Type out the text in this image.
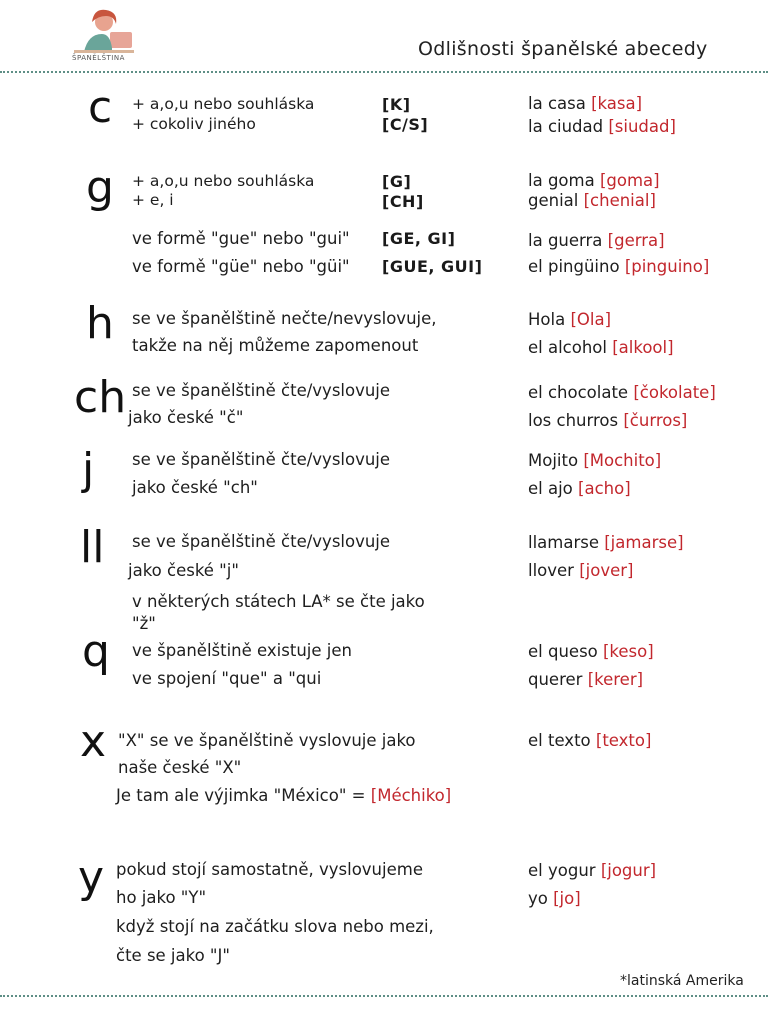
ŠPANĚLŠTINA	Odlišnosti španělské abecedy
c + a,o,u nebo souhláska
+ cokoliv jiného
[K]
[C/S]
la casa [kasa]
la ciudad [siudad]
g + a,o,u nebo souhláska
+ e, i
[G]
[CH]
la goma [goma]
genial [chenial]
ve formě "gue" nebo "gui"
ve formě "güe" nebo "güi"
[GE, GI]
[GUE, GUI]
la guerra [gerra]
el pingüino [pinguino]
h se ve španělštině nečte/nevyslovuje,
takže na něj můžeme zapomenout
Hola [Ola]
el alcohol [alkool]
ch se ve španělštině čte/vyslovuje
jako české "č"
el chocolate [čokolate]
los churros [čurros]
j se ve španělštině čte/vyslovuje
jako české "ch"
Mojito [Mochito]
el ajo [acho]
ll se ve španělštině čte/vyslovuje
jako české "j"
v některých státech LA* se čte jako
"ž"
llamarse [jamarse]
llover [jover]
q ve španělštině existuje jen
ve spojení "que" a "qui
el queso [keso]
querer [kerer]
x "X" se ve španělštině vyslovuje jako
naše české "X"
Je tam ale výjimka "México" = [Méchiko]
el texto [texto]
y pokud stojí samostatně, vyslovujeme
ho jako "Y"
když stojí na začátku slova nebo mezi,
čte se jako "J"
el yogur [jogur]
yo [jo]
*latinská Amerika
